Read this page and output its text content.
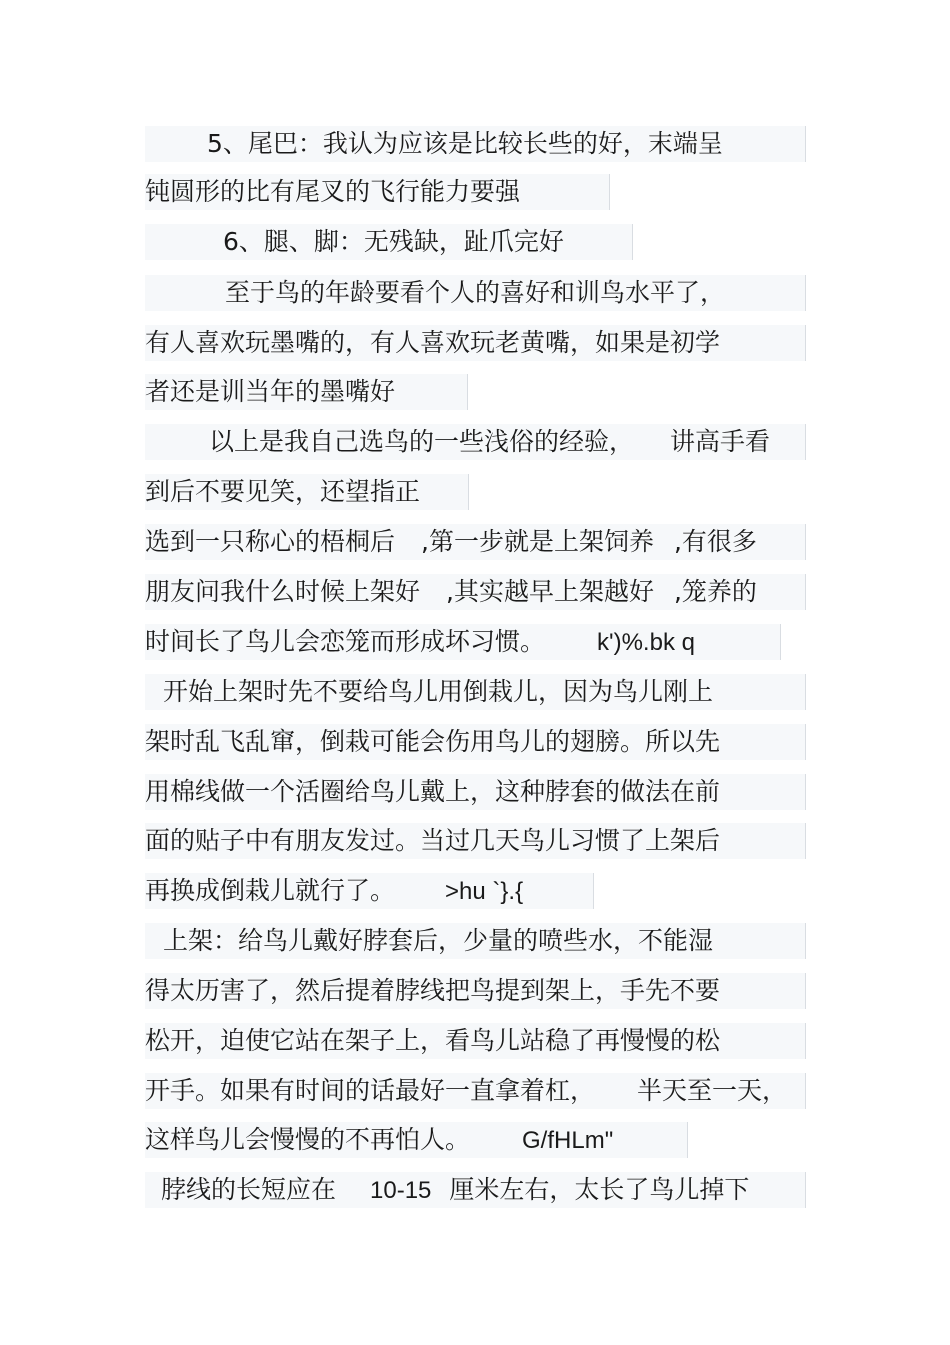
5、尾巴：我认为应该是比较长些的好，末端呈
钝圆形的比有尾叉的飞行能力要强
6、腿、脚：无残缺，趾爪完好
至于鸟的年龄要看个人的喜好和训鸟水平了，
有人喜欢玩墨嘴的，有人喜欢玩老黄嘴，如果是初学
者还是训当年的墨嘴好
以上是我自己选鸟的一些浅俗的经验， 讲高手看
到后不要见笑，还望指正
选到一只称心的梧桐后 ,第一步就是上架饲养 ,有很多
朋友问我什么时候上架好 ,其实越早上架越好 ,笼养的
时间长了鸟儿会恋笼而形成坏习惯。 k')%.bk q
开始上架时先不要给鸟儿用倒栽儿，因为鸟儿刚上
架时乱飞乱窜，倒栽可能会伤用鸟儿的翅膀。所以先
用棉线做一个活圈给鸟儿戴上，这种脖套的做法在前
面的贴子中有朋友发过。当过几天鸟儿习惯了上架后
再换成倒栽儿就行了。 >hu `}.{
上架：给鸟儿戴好脖套后，少量的喷些水，不能湿
得太历害了，然后提着脖线把鸟提到架上，手先不要
松开，迫使它站在架子上，看鸟儿站稳了再慢慢的松
开手。如果有时间的话最好一直拿着杠， 半天至一天，
这样鸟儿会慢慢的不再怕人。 G/fHLm"
脖线的长短应在 10-15 厘米左右，太长了鸟儿掉下
